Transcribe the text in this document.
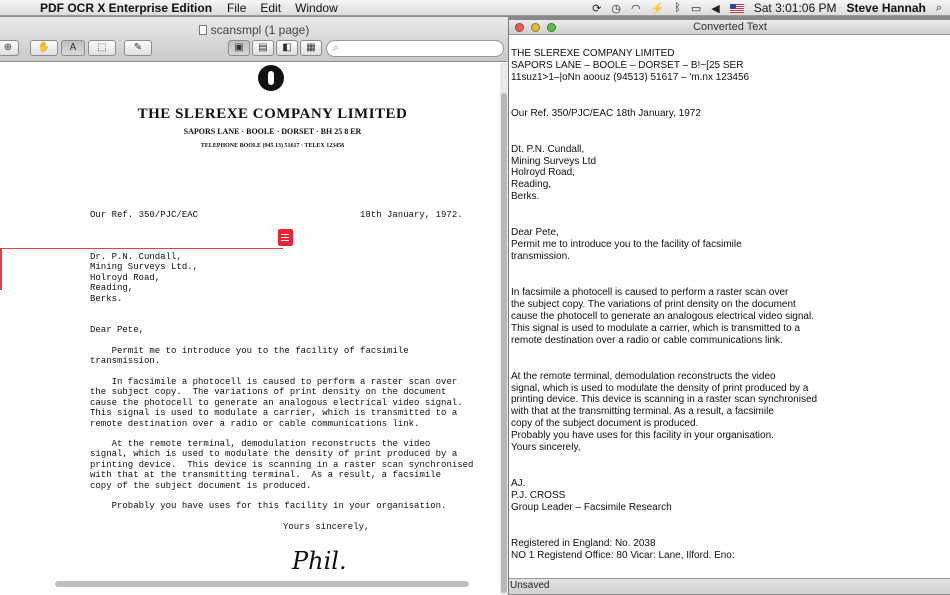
PDF OCR X Enterprise Edition	File	Edit	Window	⟳ ◷ ◠ ⚡ ᛒ ▭ ◀	Sat 3:01:06 PM Steve Hannah ⌕
scansmpl (1 page)
⊕	✋	A	⬚	✎	▣	▤	◧	▦	⌕
THE SLEREXE COMPANY LIMITED
SAPORS LANE · BOOLE · DORSET · BH 25 8 ER
TELEPHONE BOOLE (945 13) 51617 · TELEX 123456
Our Ref. 350/PJC/EAC	18th January, 1972.
Dr. P.N. Cundall,
Mining Surveys Ltd.,
Holroyd Road,
Reading,
Berks.
Dear Pete,
Permit me to introduce you to the facility of facsimile
transmission.
In facsimile a photocell is caused to perform a raster scan over
the subject copy.  The variations of print density on the document
cause the photocell to generate an analogous electrical video signal.
This signal is used to modulate a carrier, which is transmitted to a
remote destination over a radio or cable communications link.
At the remote terminal, demodulation reconstructs the video
signal, which is used to modulate the density of print produced by a
printing device.  This device is scanning in a raster scan synchronised
with that at the transmitting terminal.  As a result, a facsimile
copy of the subject document is produced.
Probably you have uses for this facility in your organisation.
Yours sincerely,
Phil.
Converted Text
THE SLEREXE COMPANY LIMITED
SAPORS LANE – BOOLE – DORSET – B!~[25 SER
11suz1>1–|oNn aoouz (94513) 51617 – 'm.nx 123456
Our Ref. 350/PJC/EAC 18th January, 1972
Dt. P.N. Cundall,
Mining Surveys Ltd
Holroyd Road,
Reading,
Berks.
Dear Pete,
Permit me to introduce you to the facility of facsimile
transmission.
In facsimile a photocell is caused to perform a raster scan over
the subject copy. The variations of print density on the document
cause the photocell to generate an analogous electrical video signal.
This signal is used to modulate a carrier, which is transmitted to a
remote destination over a radio or cable communications link.
At the remote terminal, demodulation reconstructs the video
signal, which is used to modulate the density of print produced by a
printing device. This device is scanning in a raster scan synchronised
with that at the transmitting terminal. As a result, a facsimile
copy of the subject document is produced.
Probably you have uses for this facility in your organisation.
Yours sincerely,
AJ.
P.J. CROSS
Group Leader – Facsimile Research
Registered in England: No. 2038
NO 1 Registend Office: 80 Vicar: Lane, Ilford. Eno:
Unsaved
